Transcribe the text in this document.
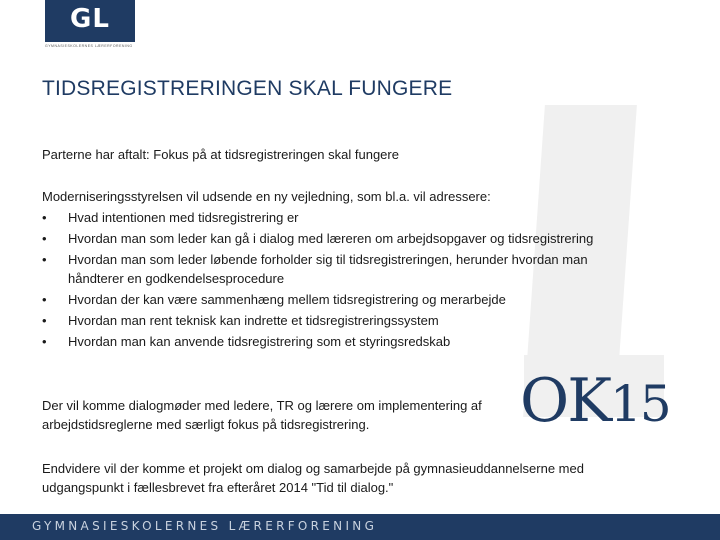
GL
GYMNASIESKOLERNES LÆRERFORENING
TIDSREGISTRERINGEN SKAL FUNGERE
Parterne har aftalt: Fokus på at tidsregistreringen skal fungere
Moderniseringsstyrelsen vil udsende en ny vejledning, som bl.a. vil adressere:
• Hvad intentionen med tidsregistrering er
• Hvordan man som leder kan gå i dialog med læreren om arbejdsopgaver og tidsregistrering
• Hvordan man som leder løbende forholder sig til tidsregistreringen, herunder hvordan man håndterer en godkendelsesprocedure
• Hvordan der kan være sammenhæng mellem tidsregistrering og merarbejde
• Hvordan man rent teknisk kan indrette et tidsregistreringssystem
• Hvordan man kan anvende tidsregistrering som et styringsredskab
Der vil komme dialogmøder med ledere, TR og lærere om implementering af arbejdstidsreglerne med særligt fokus på tidsregistrering.	OK15
Endvidere vil der komme et projekt om dialog og samarbejde på gymnasieuddannelserne med udgangspunkt i fællesbrevet fra efteråret 2014 "Tid til dialog."
GYMNASIESKOLERNES LÆRERFORENING
